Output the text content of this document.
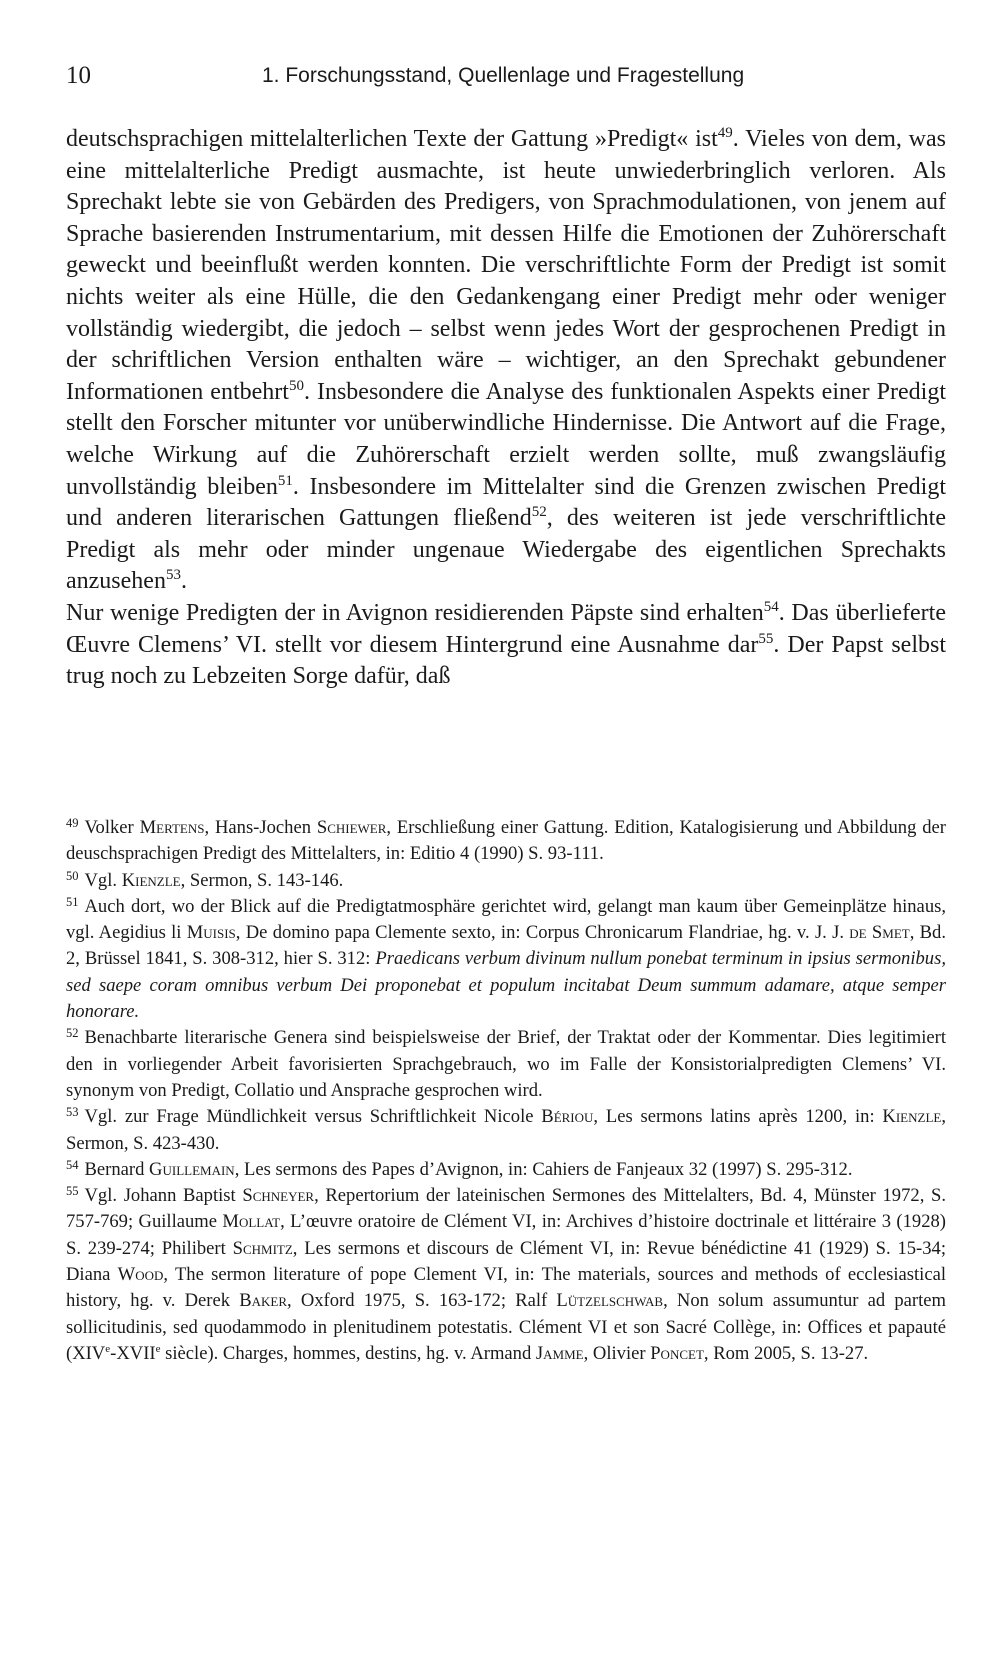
10	1. Forschungsstand, Quellenlage und Fragestellung

deutschsprachigen mittelalterlichen Texte der Gattung »Predigt« ist$^{49}$. Vieles von dem, was eine mittelalterliche Predigt ausmachte, ist heute unwiederbringlich verloren. Als Sprechakt lebte sie von Gebärden des Predigers, von Sprachmodulationen, von jenem auf Sprache basierenden Instrumentarium, mit dessen Hilfe die Emotionen der Zuhörerschaft geweckt und beeinflußt werden konnten. Die verschriftlichte Form der Predigt ist somit nichts weiter als eine Hülle, die den Gedankengang einer Predigt mehr oder weniger vollständig wiedergibt, die jedoch – selbst wenn jedes Wort der gesprochenen Predigt in der schriftlichen Version enthalten wäre – wichtiger, an den Sprechakt gebundener Informationen entbehrt$^{50}$. Insbesondere die Analyse des funktionalen Aspekts einer Predigt stellt den Forscher mitunter vor unüberwindliche Hindernisse. Die Antwort auf die Frage, welche Wirkung auf die Zuhörerschaft erzielt werden sollte, muß zwangsläufig unvollständig bleiben$^{51}$. Insbesondere im Mittelalter sind die Grenzen zwischen Predigt und anderen literarischen Gattungen fließend$^{52}$, des weiteren ist jede verschriftlichte Predigt als mehr oder minder ungenaue Wiedergabe des eigentlichen Sprechakts anzusehen$^{53}$.

Nur wenige Predigten der in Avignon residierenden Päpste sind erhalten$^{54}$. Das überlieferte Œuvre Clemens’ VI. stellt vor diesem Hintergrund eine Ausnahme dar$^{55}$. Der Papst selbst trug noch zu Lebzeiten Sorge dafür, daß

$^{49}$ Volker Mertens, Hans-Jochen Schiewer, Erschließung einer Gattung. Edition, Katalogisierung und Abbildung der deuschsprachigen Predigt des Mittelalters, in: Editio 4 (1990) S. 93-111.

$^{50}$ Vgl. Kienzle, Sermon, S. 143-146.

$^{51}$ Auch dort, wo der Blick auf die Predigtatmosphäre gerichtet wird, gelangt man kaum über Gemeinplätze hinaus, vgl. Aegidius li Muisis, De domino papa Clemente sexto, in: Corpus Chronicarum Flandriae, hg. v. J. J. de Smet, Bd. 2, Brüssel 1841, S. 308-312, hier S. 312: Praedicans verbum divinum nullum ponebat terminum in ipsius sermonibus, sed saepe coram omnibus verbum Dei proponebat et populum incitabat Deum summum adamare, atque semper honorare.

$^{52}$ Benachbarte literarische Genera sind beispielsweise der Brief, der Traktat oder der Kommentar. Dies legitimiert den in vorliegender Arbeit favorisierten Sprachgebrauch, wo im Falle der Konsistorialpredigten Clemens’ VI. synonym von Predigt, Collatio und Ansprache gesprochen wird.

$^{53}$ Vgl. zur Frage Mündlichkeit versus Schriftlichkeit Nicole Bériou, Les sermons latins après 1200, in: Kienzle, Sermon, S. 423-430.

$^{54}$ Bernard Guillemain, Les sermons des Papes d’Avignon, in: Cahiers de Fanjeaux 32 (1997) S. 295-312.

$^{55}$ Vgl. Johann Baptist Schneyer, Repertorium der lateinischen Sermones des Mittelalters, Bd. 4, Münster 1972, S. 757-769; Guillaume Mollat, L’œuvre oratoire de Clément VI, in: Archives d’histoire doctrinale et littéraire 3 (1928) S. 239-274; Philibert Schmitz, Les sermons et discours de Clément VI, in: Revue bénédictine 41 (1929) S. 15-34; Diana Wood, The sermon literature of pope Clement VI, in: The materials, sources and methods of ecclesiastical history, hg. v. Derek Baker, Oxford 1975, S. 163-172; Ralf Lützelschwab, Non solum assumuntur ad partem sollicitudinis, sed quodammodo in plenitudinem potestatis. Clément VI et son Sacré Collège, in: Offices et papauté (XIVe-XVIIe siècle). Charges, hommes, destins, hg. v. Armand Jamme, Olivier Poncet, Rom 2005, S. 13-27.
